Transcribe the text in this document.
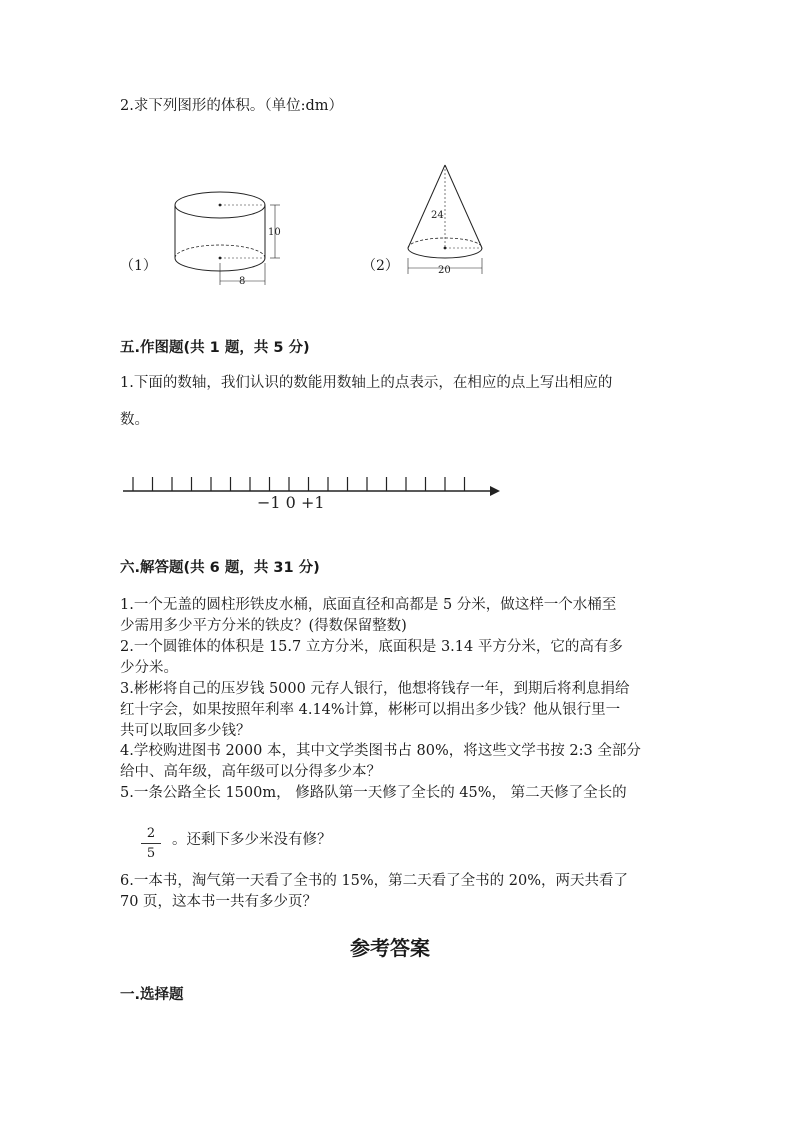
2.求下列图形的体积。（单位:dm）
（1）
10
8
（2）
24
20
五.作图题(共 1 题，共 5 分)
1.下面的数轴，我们认识的数能用数轴上的点表示，在相应的点上写出相应的
数。
−1 0 +1
六.解答题(共 6 题，共 31 分)
1.一个无盖的圆柱形铁皮水桶，底面直径和高都是 5 分米，做这样一个水桶至
少需用多少平方分米的铁皮？(得数保留整数)
2.一个圆锥体的体积是 15.7 立方分米，底面积是 3.14 平方分米，它的高有多
少分米。
3.彬彬将自己的压岁钱 5000 元存人银行，他想将钱存一年，到期后将利息捐给
红十字会，如果按照年利率 4.14%计算，彬彬可以捐出多少钱？他从银行里一
共可以取回多少钱？
4.学校购进图书 2000 本，其中文学类图书占 80%，将这些文学书按 2:3 全部分
给中、高年级，高年级可以分得多少本？
5.一条公路全长 1500m， 修路队第一天修了全长的 45%， 第二天修了全长的
2
5
。还剩下多少米没有修？
6.一本书，淘气第一天看了全书的 15%，第二天看了全书的 20%，两天共看了
70 页，这本书一共有多少页？
参考答案
一.选择题
